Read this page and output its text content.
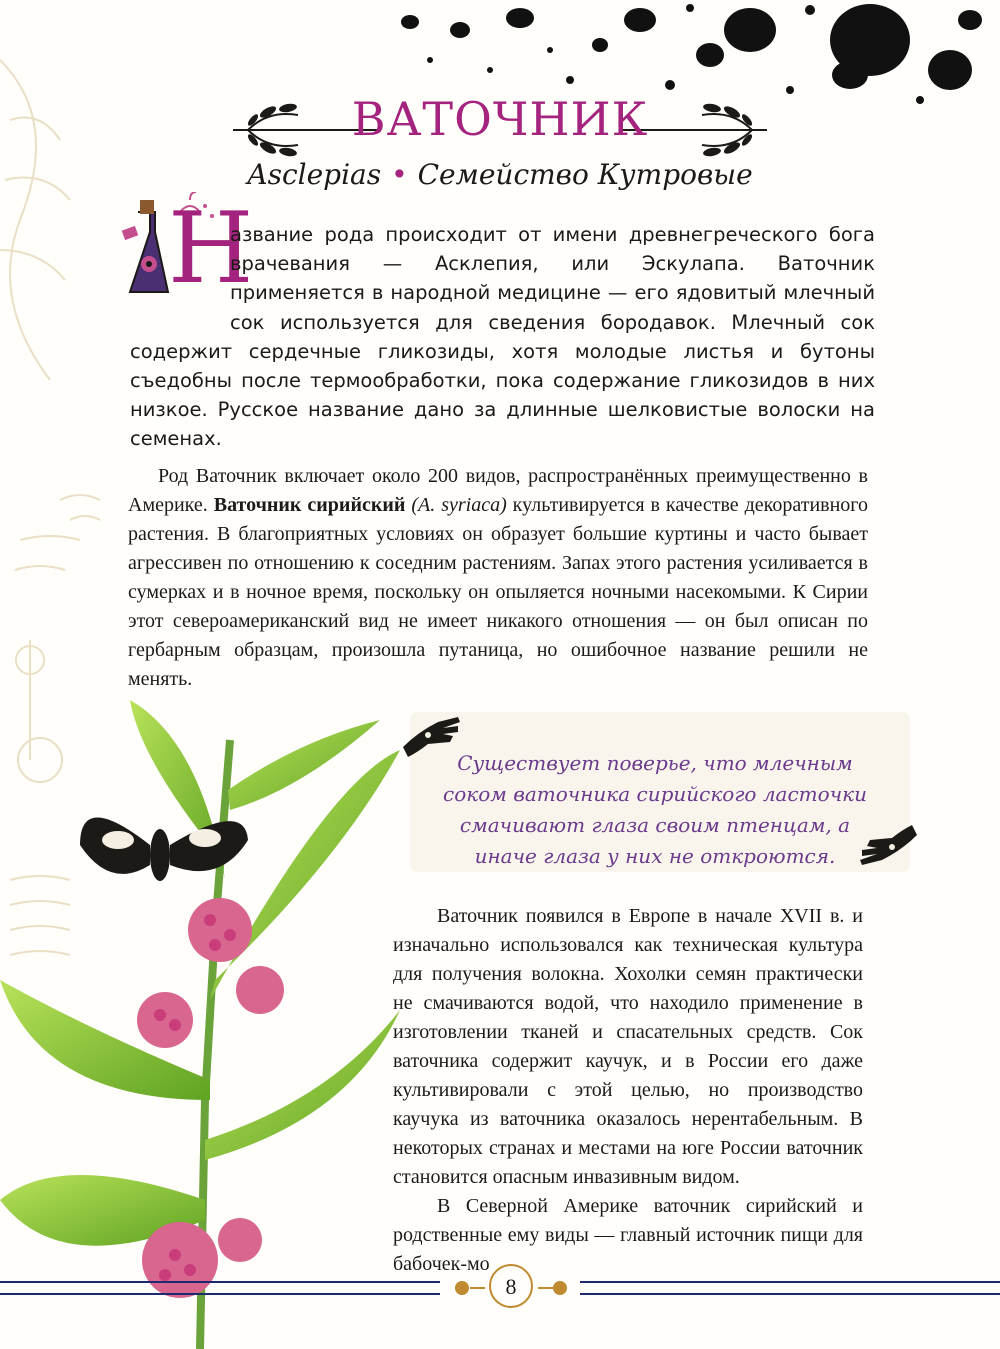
ВАТОЧНИК
Asclepias • Семейство Кутровые
Н

азвание рода происходит от имени древнегреческого бога врачевания — Асклепия, или Эскулапа. Ваточник применяется в народной медицине — его ядовитый млечный сок используется для сведения бородавок. Млечный сок содержит сердечные гликозиды, хотя молодые листья и бутоны съедобны после термообработки, пока содержание гликозидов в них низкое. Русское название дано за длинные шелковистые волоски на семенах.

Род Ваточник включает около 200 видов, распространённых преимущественно в Америке. Ваточник сирийский (A. syriaca) культивируется в качестве декоративного растения. В благоприятных условиях он образует большие куртины и часто бывает агрессивен по отношению к соседним растениям. Запах этого растения усиливается в сумерках и в ночное время, поскольку он опыляется ночными насекомыми. К Сирии этот североамериканский вид не имеет никакого отношения — он был описан по гербарным образцам, произошла путаница, но ошибочное название решили не менять.

Существует поверье, что млечным соком ваточника сирийского ласточки смачивают глаза своим птенцам, а иначе глаза у них не откроются.

Ваточник появился в Европе в начале XVII в. и изначально использовался как техническая культура для получения волокна. Хохолки семян практически не смачиваются водой, что находило применение в изготовлении тканей и спасательных средств. Сок ваточника содержит каучук, и в России его даже культивировали с этой целью, но производство каучука из ваточника оказалось нерентабельным. В некоторых странах и местами на юге России ваточник становится опасным инвазивным видом.

В Северной Америке ваточник сирийский и родственные ему виды — главный источник пищи для бабочек-мо

8
